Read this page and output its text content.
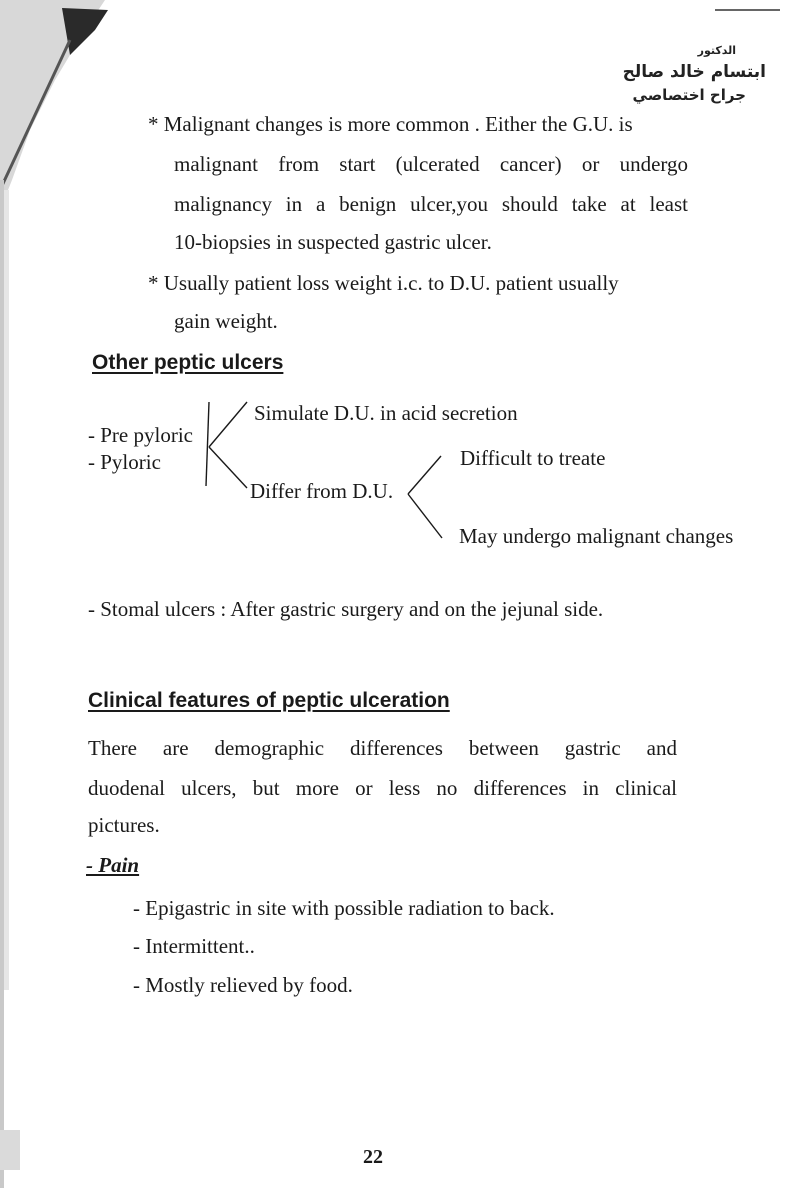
الدكتور
ابتسام خالد صالح
جراح اختصاصي
* Malignant changes is more common . Either the G.U. is
malignant from start (ulcerated cancer) or undergo
malignancy in a benign ulcer,you should take at least
10-biopsies in suspected gastric ulcer.
* Usually patient loss weight i.c. to D.U. patient usually
gain weight.
Other peptic ulcers
- Pre pyloric
- Pyloric
Simulate D.U. in acid secretion
Differ from D.U.
Difficult to treate
May undergo malignant changes
- Stomal ulcers : After gastric surgery and on the jejunal side.
Clinical features of peptic ulceration
There are demographic differences between gastric and
duodenal ulcers, but more or less no differences in clinical
pictures.
- Pain
- Epigastric in site with possible radiation to back.
- Intermittent..
- Mostly relieved by food.
22
